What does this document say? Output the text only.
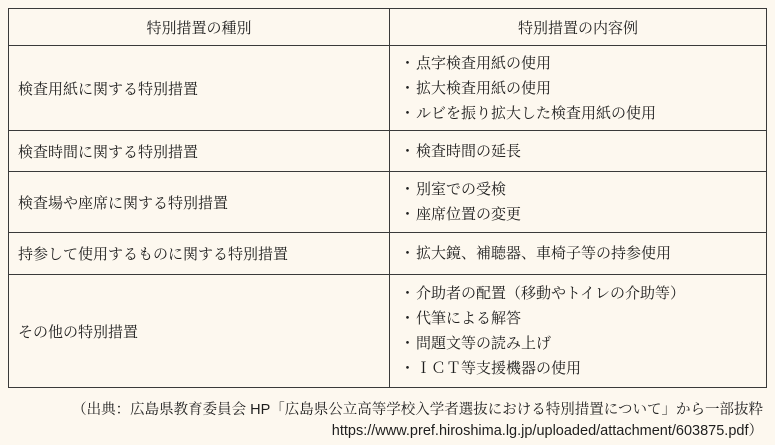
特別措置の種別	特別措置の内容例
検査用紙に関する特別措置	・点字検査用紙の使用
・拡大検査用紙の使用
・ルビを振り拡大した検査用紙の使用

検査時間に関する特別措置	・検査時間の延長

検査場や座席に関する特別措置	・別室での受検
・座席位置の変更

持参して使用するものに関する特別措置	・拡大鏡、補聴器、車椅子等の持参使用

その他の特別措置	・介助者の配置（移動やトイレの介助等）
・代筆による解答
・問題文等の読み上げ
・ＩＣＴ等支援機器の使用
（出典：広島県教育委員会 HP「広島県公立高等学校入学者選抜における特別措置について」から一部抜粋
https://www.pref.hiroshima.lg.jp/uploaded/attachment/603875.pdf）
